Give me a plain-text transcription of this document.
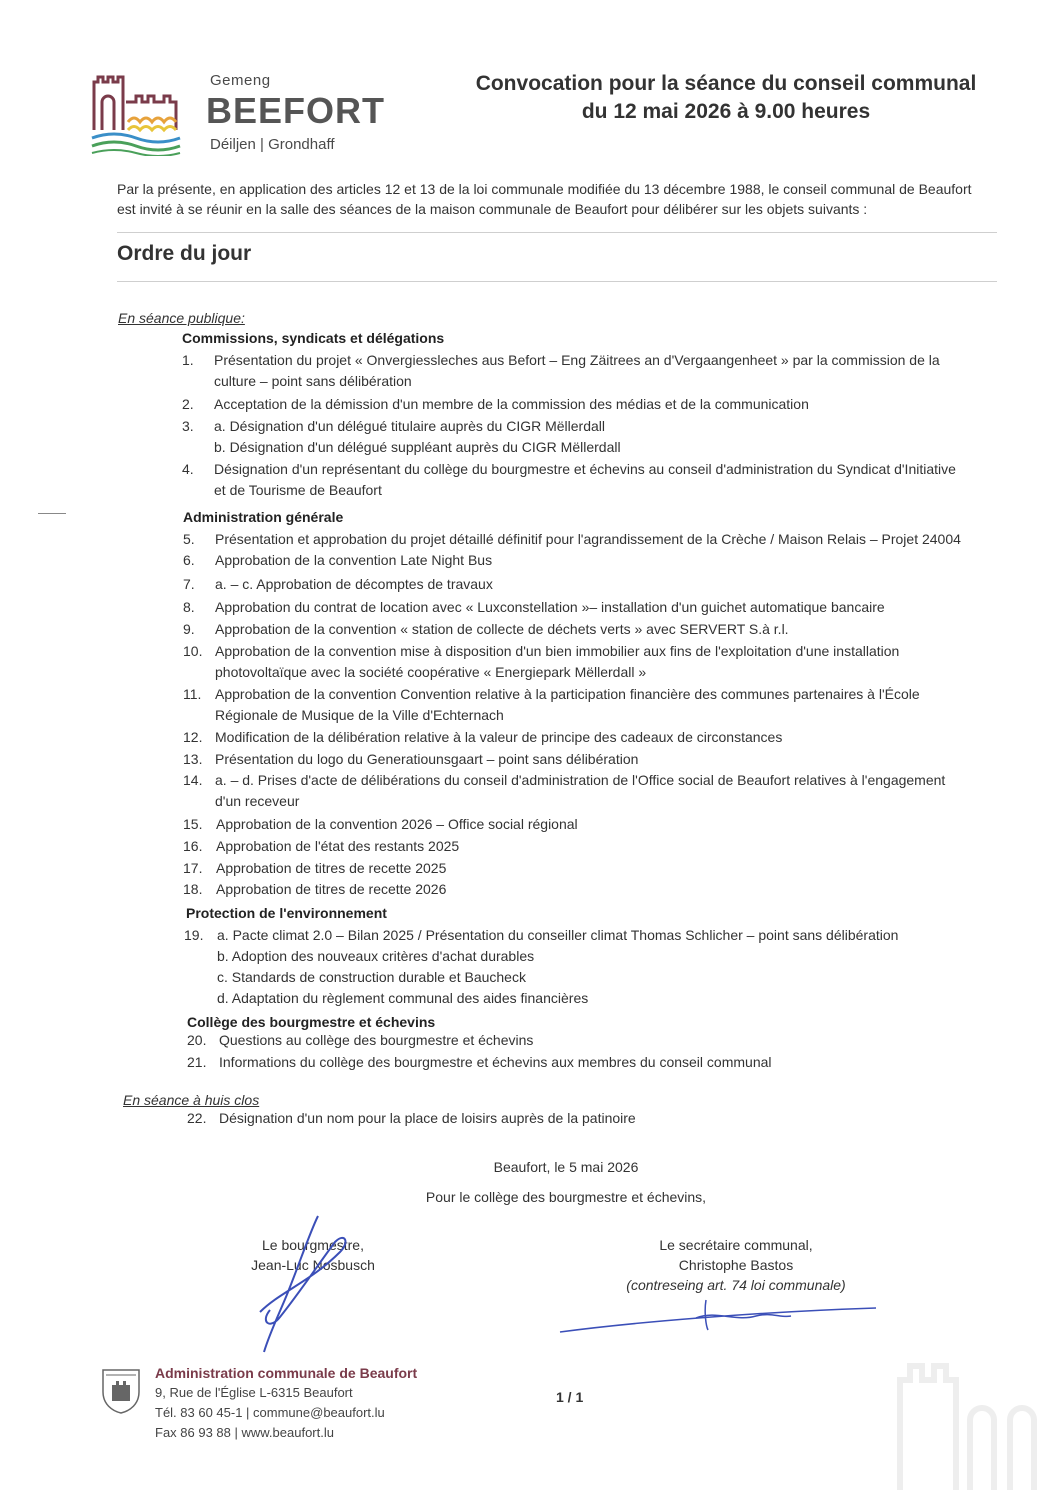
Gemeng
BEEFORT
Déiljen | Grondhaff
Convocation pour la séance du conseil communal
du 12 mai 2026 à 9.00 heures
Par la présente, en application des articles 12 et 13 de la loi communale modifiée du 13 décembre 1988, le conseil communal de Beaufort
est invité à se réunir en la salle des séances de la maison communale de Beaufort pour délibérer sur les objets suivants :
Ordre du jour
En séance publique:
Commissions, syndicats et délégations
1.	Présentation du projet « Onvergiessleches aus Befort – Eng Zäitrees an d'Vergaangenheet » par la commission de la
culture – point sans délibération
2.	Acceptation de la démission d'un membre de la commission des médias et de la communication
3.	a. Désignation d'un délégué titulaire auprès du CIGR Mëllerdall
b. Désignation d'un délégué suppléant auprès du CIGR Mëllerdall
4.	Désignation d'un représentant du collège du bourgmestre et échevins au conseil d'administration du Syndicat d'Initiative
et de Tourisme de Beaufort
Administration générale
5.	Présentation et approbation du projet détaillé définitif pour l'agrandissement de la Crèche / Maison Relais – Projet 24004
6.	Approbation de la convention Late Night Bus
7.	a. – c. Approbation de décomptes de travaux
8.	Approbation du contrat de location avec « Luxconstellation »– installation d'un guichet automatique bancaire
9.	Approbation de la convention « station de collecte de déchets verts » avec SERVERT S.à r.l.
10. Approbation de la convention mise à disposition d'un bien immobilier aux fins de l'exploitation d'une installation
photovoltaïque avec la société coopérative « Energiepark Mëllerdall »
11. Approbation de la convention Convention relative à la participation financière des communes partenaires à l'École
Régionale de Musique de la Ville d'Echternach
12. Modification de la délibération relative à la valeur de principe des cadeaux de circonstances
13. Présentation du logo du Generatiounsgaart – point sans délibération
14. a. – d. Prises d'acte de délibérations du conseil d'administration de l'Office social de Beaufort relatives à l'engagement
d'un receveur
15. Approbation de la convention 2026 – Office social régional
16. Approbation de l'état des restants 2025
17. Approbation de titres de recette 2025
18. Approbation de titres de recette 2026
Protection de l'environnement
19. a. Pacte climat 2.0 – Bilan 2025 / Présentation du conseiller climat Thomas Schlicher – point sans délibération
b. Adoption des nouveaux critères d'achat durables
c. Standards de construction durable et Baucheck
d. Adaptation du règlement communal des aides financières
Collège des bourgmestre et échevins
20. Questions au collège des bourgmestre et échevins
21. Informations du collège des bourgmestre et échevins aux membres du conseil communal
En séance à huis clos
22. Désignation d'un nom pour la place de loisirs auprès de la patinoire
Beaufort, le 5 mai 2026
Pour le collège des bourgmestre et échevins,
Le bourgmestre,
Jean-Luc Nosbusch
Le secrétaire communal,
Christophe Bastos
(contreseing art. 74 loi communale)
Administration communale de Beaufort
9, Rue de l'Église L-6315 Beaufort
Tél. 83 60 45-1 | commune@beaufort.lu
Fax 86 93 88 | www.beaufort.lu
1 / 1
